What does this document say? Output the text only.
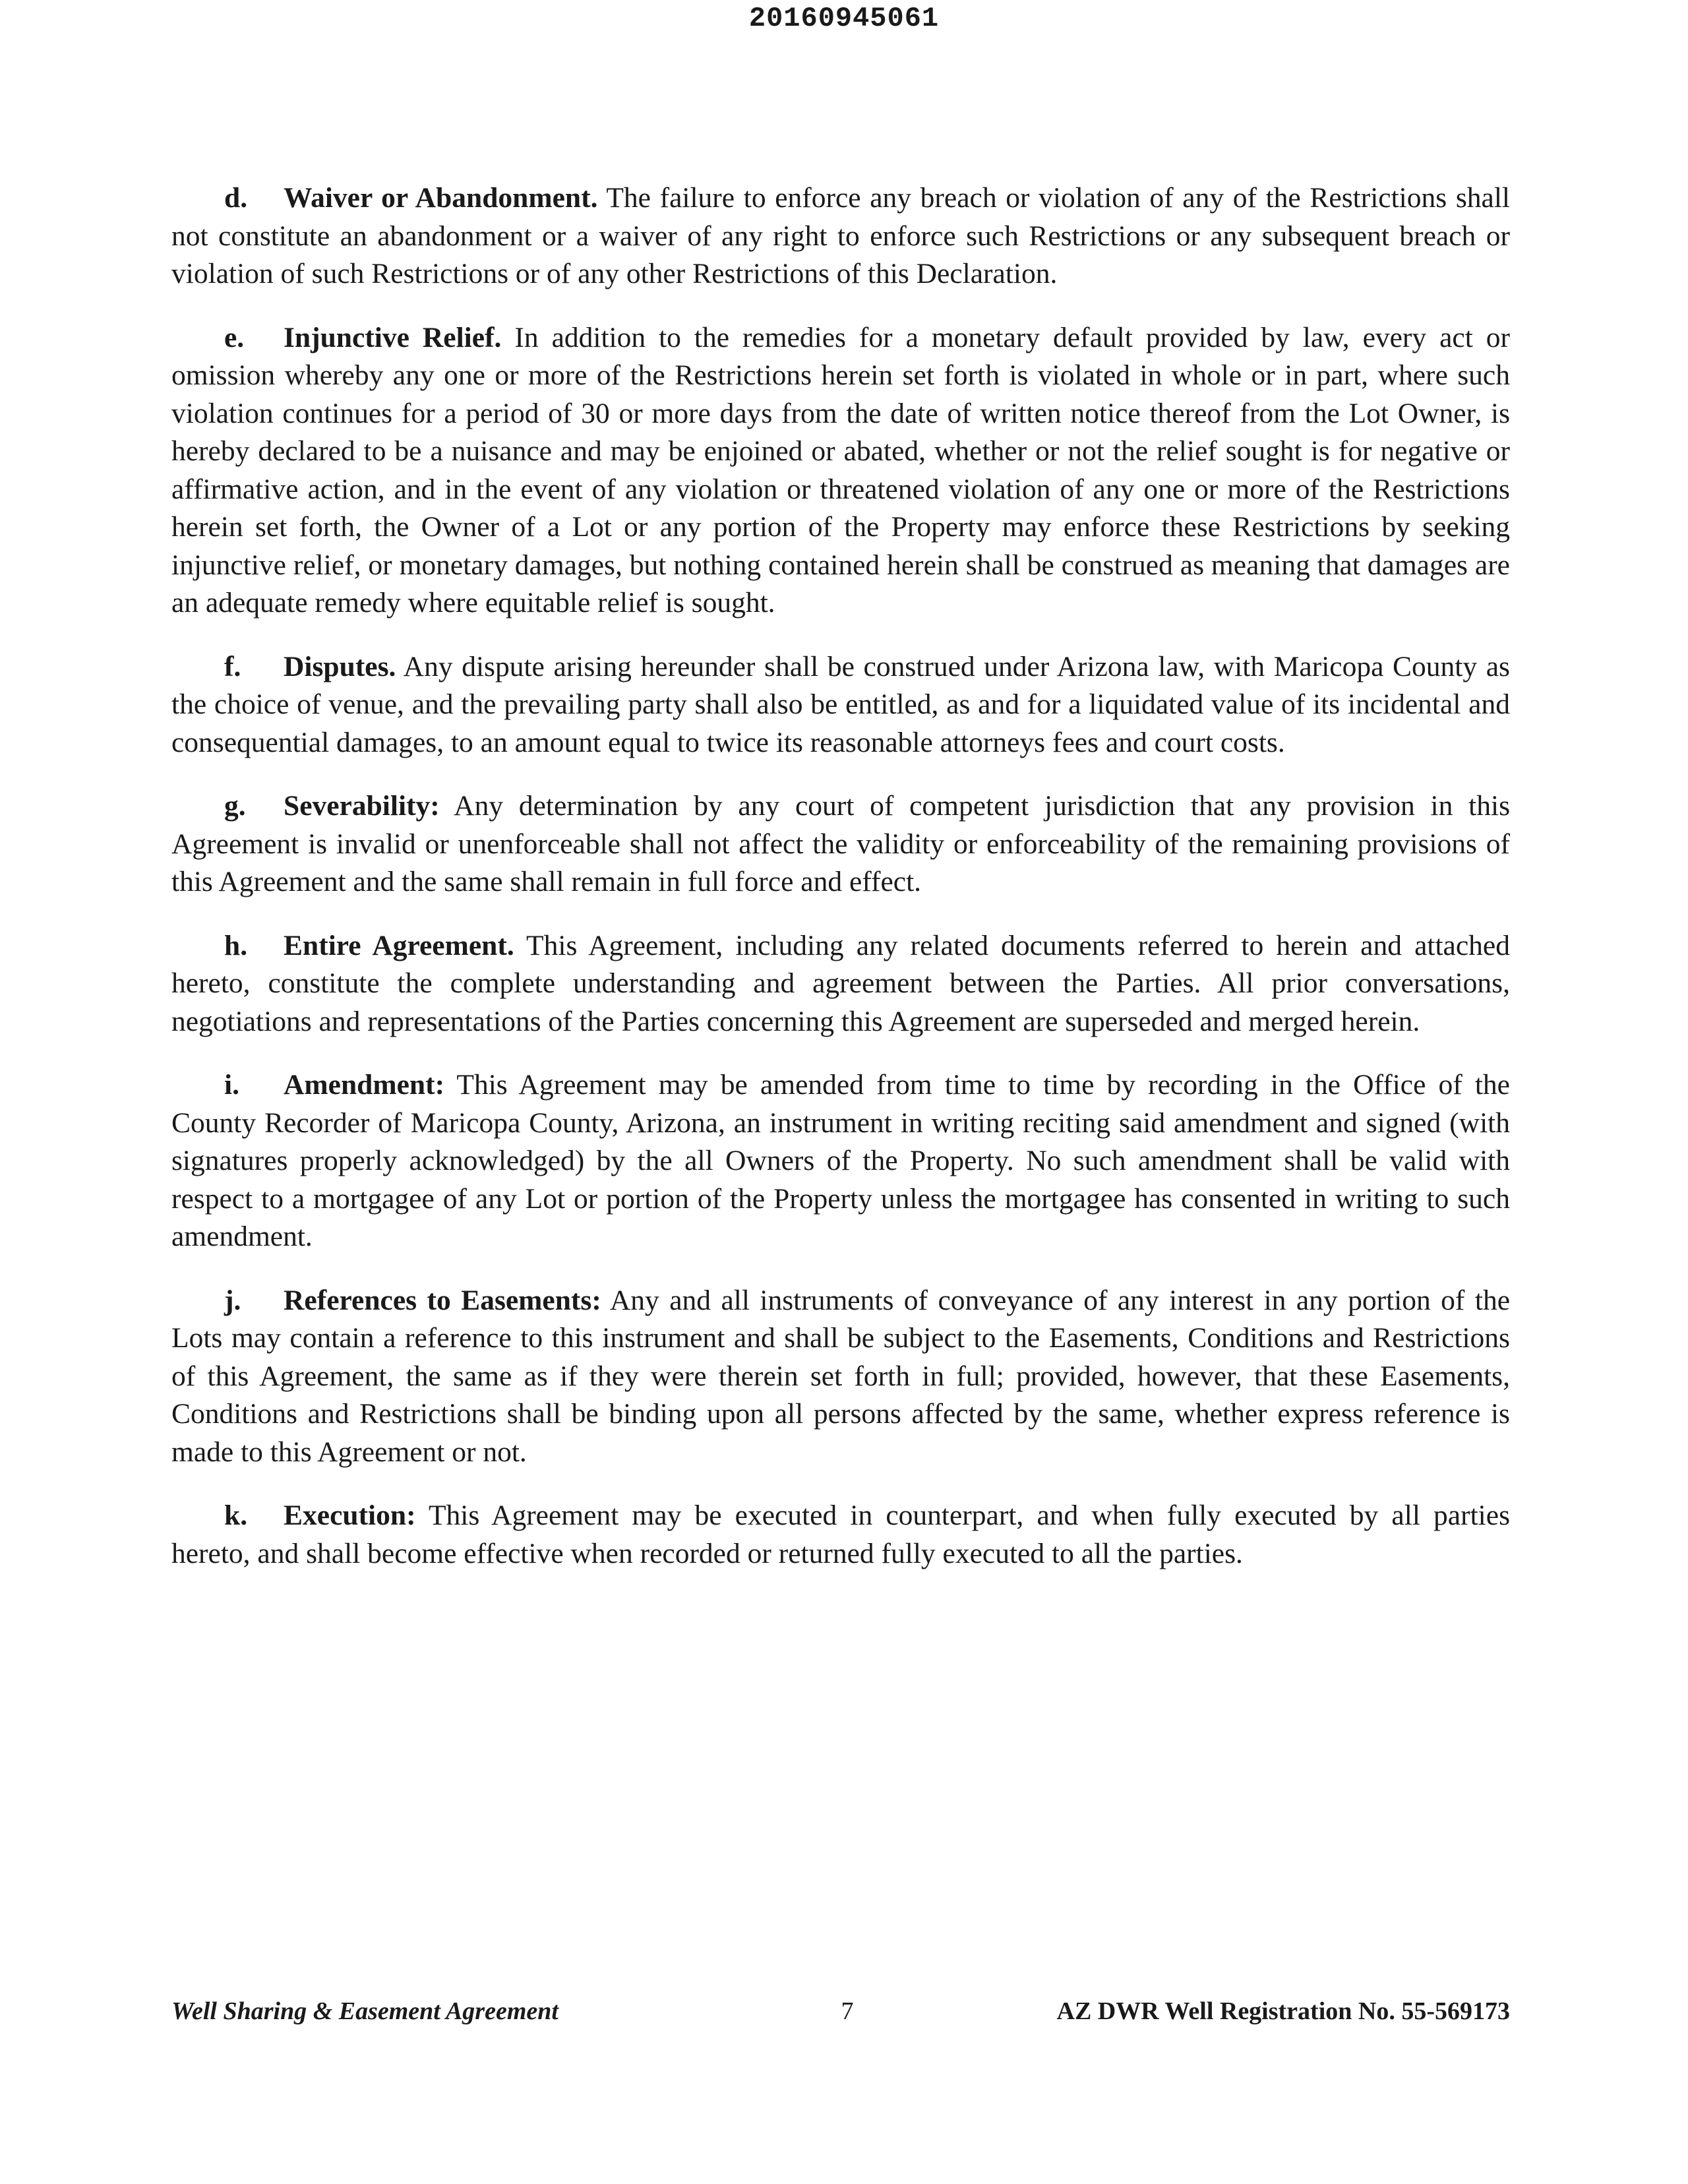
20160945061

d. Waiver or Abandonment. The failure to enforce any breach or violation of any of the Restrictions shall not constitute an abandonment or a waiver of any right to enforce such Restrictions or any subsequent breach or violation of such Restrictions or of any other Restrictions of this Declaration.

e. Injunctive Relief. In addition to the remedies for a monetary default provided by law, every act or omission whereby any one or more of the Restrictions herein set forth is violated in whole or in part, where such violation continues for a period of 30 or more days from the date of written notice thereof from the Lot Owner, is hereby declared to be a nuisance and may be enjoined or abated, whether or not the relief sought is for negative or affirmative action, and in the event of any violation or threatened violation of any one or more of the Restrictions herein set forth, the Owner of a Lot or any portion of the Property may enforce these Restrictions by seeking injunctive relief, or monetary damages, but nothing contained herein shall be construed as meaning that damages are an adequate remedy where equitable relief is sought.

f. Disputes. Any dispute arising hereunder shall be construed under Arizona law, with Maricopa County as the choice of venue, and the prevailing party shall also be entitled, as and for a liquidated value of its incidental and consequential damages, to an amount equal to twice its reasonable attorneys fees and court costs.

g. Severability: Any determination by any court of competent jurisdiction that any provision in this Agreement is invalid or unenforceable shall not affect the validity or enforceability of the remaining provisions of this Agreement and the same shall remain in full force and effect.

h. Entire Agreement. This Agreement, including any related documents referred to herein and attached hereto, constitute the complete understanding and agreement between the Parties. All prior conversations, negotiations and representations of the Parties concerning this Agreement are superseded and merged herein.

i. Amendment: This Agreement may be amended from time to time by recording in the Office of the County Recorder of Maricopa County, Arizona, an instrument in writing reciting said amendment and signed (with signatures properly acknowledged) by the all Owners of the Property. No such amendment shall be valid with respect to a mortgagee of any Lot or portion of the Property unless the mortgagee has consented in writing to such amendment.

j. References to Easements: Any and all instruments of conveyance of any interest in any portion of the Lots may contain a reference to this instrument and shall be subject to the Easements, Conditions and Restrictions of this Agreement, the same as if they were therein set forth in full; provided, however, that these Easements, Conditions and Restrictions shall be binding upon all persons affected by the same, whether express reference is made to this Agreement or not.

k. Execution: This Agreement may be executed in counterpart, and when fully executed by all parties hereto, and shall become effective when recorded or returned fully executed to all the parties.

Well Sharing & Easement Agreement	7	AZ DWR Well Registration No. 55-569173
